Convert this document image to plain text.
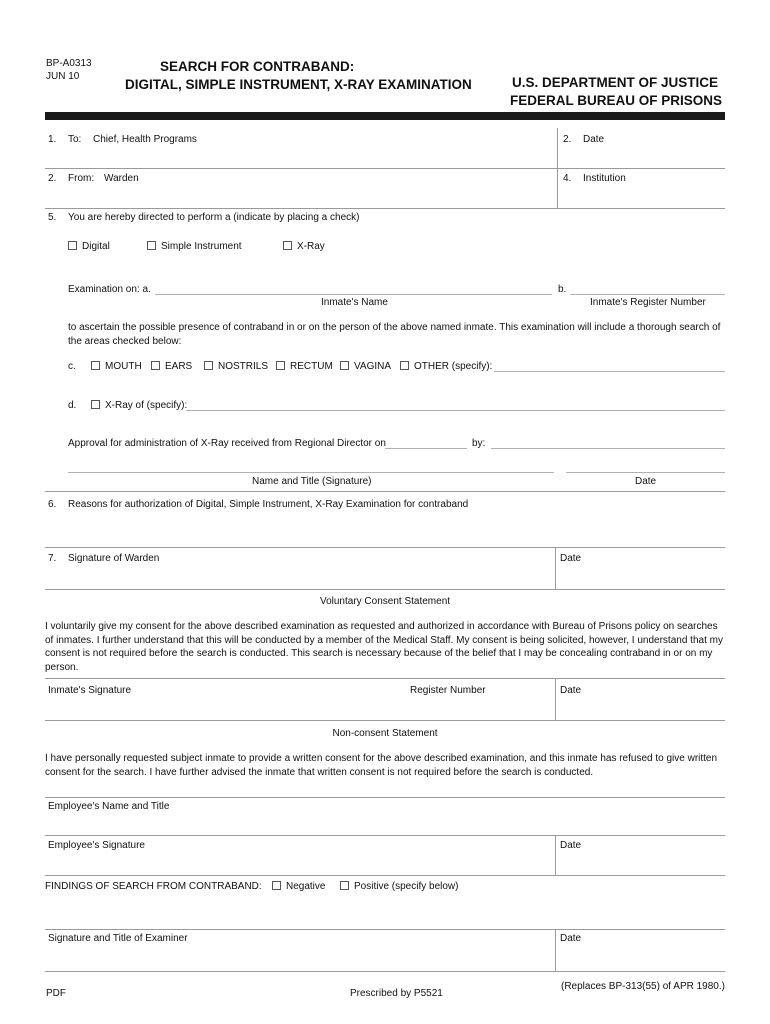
BP-A0313
JUN 10
SEARCH FOR CONTRABAND:
DIGITAL, SIMPLE INSTRUMENT, X-RAY EXAMINATION	U.S. DEPARTMENT OF JUSTICE
FEDERAL BUREAU OF PRISONS
1. To: Chief, Health Programs	2. Date
2. From: Warden	4. Institution
5. You are hereby directed to perform a (indicate by placing a check)
Digital	Simple Instrument	X-Ray
Examination on: a.	b.
Inmate's Name	Inmate's Register Number
to ascertain the possible presence of contraband in or on the person of the above named inmate. This examination will include a thorough search of the areas checked below:
c.	MOUTH EARS	NOSTRILS RECTUM VAGINA OTHER (specify):
d.	X-Ray of (specify):
Approval for administration of X-Ray received from Regional Director on	by:
Name and Title (Signature)	Date
6. Reasons for authorization of Digital, Simple Instrument, X-Ray Examination for contraband
7. Signature of Warden	Date
Voluntary Consent Statement
I voluntarily give my consent for the above described examination as requested and authorized in accordance with Bureau of Prisons policy on searches of inmates. I further understand that this will be conducted by a member of the Medical Staff. My consent is being solicited, however, I understand that my consent is not required before the search is conducted. This search is necessary because of the belief that I may be concealing contraband in or on my person.
Inmate's Signature	Register Number	Date
Non-consent Statement
I have personally requested subject inmate to provide a written consent for the above described examination, and this inmate has refused to give written consent for the search. I have further advised the inmate that written consent is not required before the search is conducted.
Employee's Name and Title
Employee's Signature	Date
FINDINGS OF SEARCH FROM CONTRABAND: Negative	Positive (specify below)
Signature and Title of Examiner	Date
PDF	Prescribed by P5521
(Replaces BP-313(55) of APR 1980.)
